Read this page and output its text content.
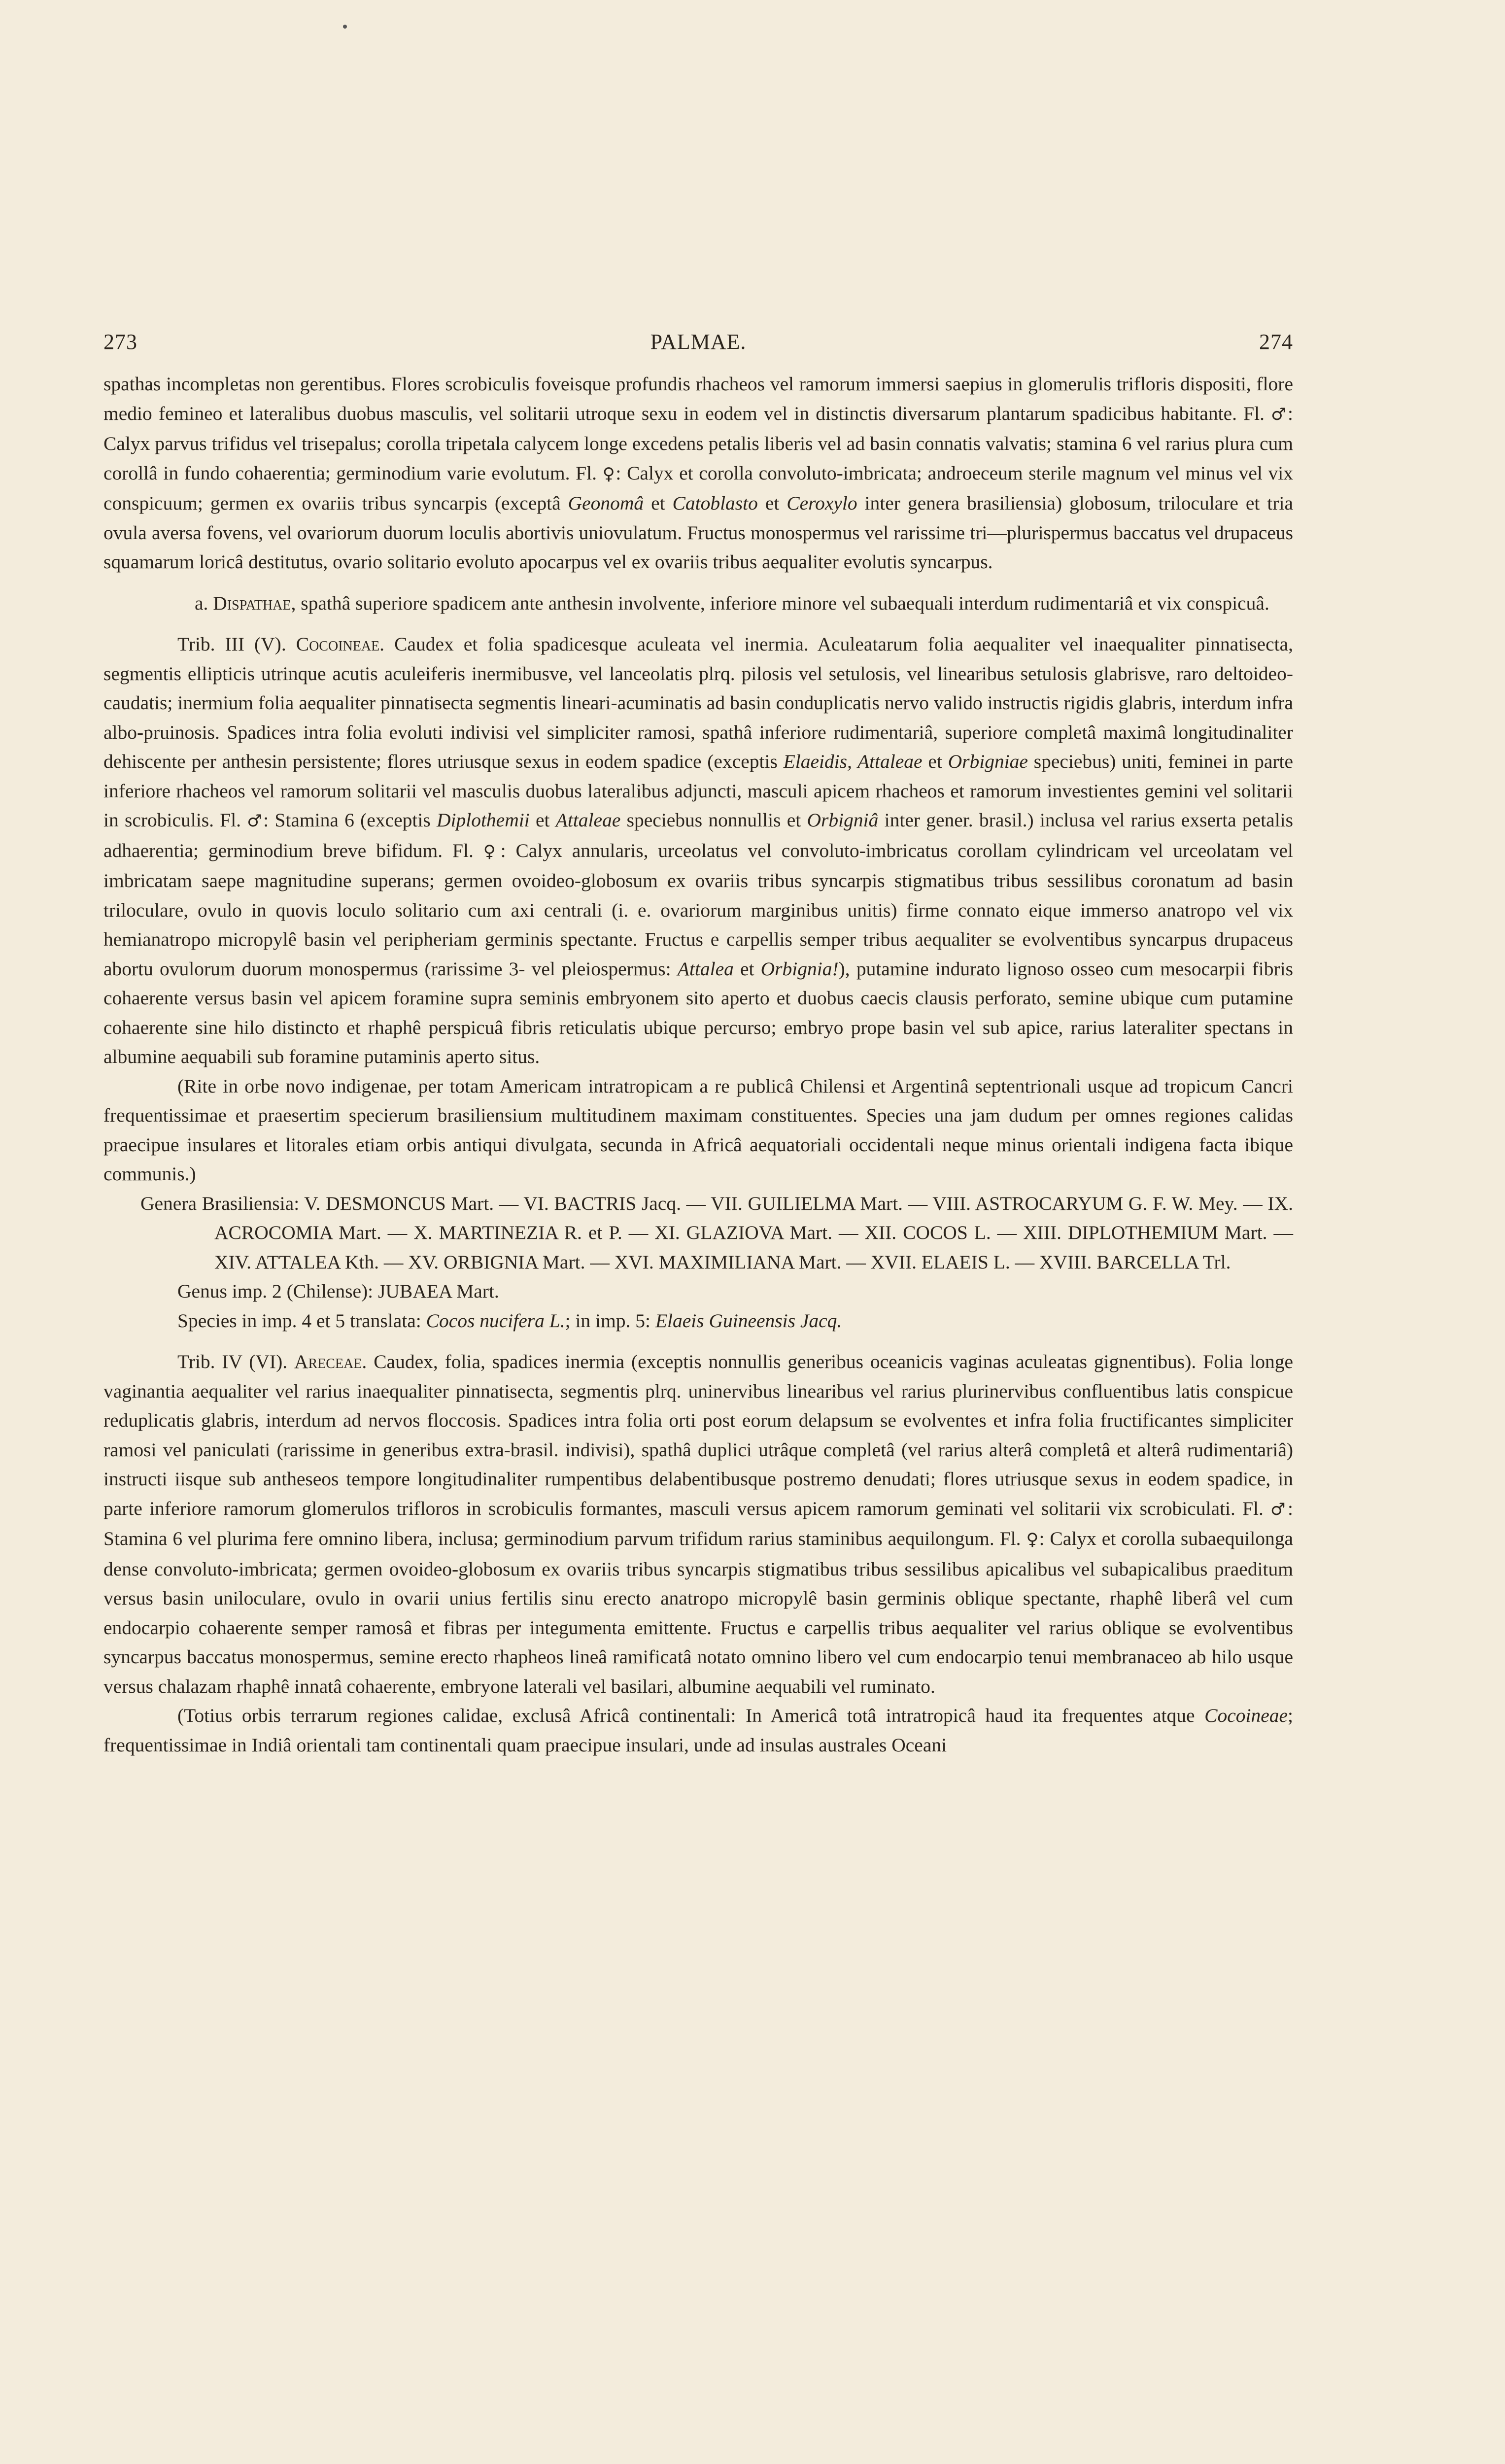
273	PALMAE.	274

spathas incompletas non gerentibus. Flores scrobiculis foveisque profundis rhacheos vel ramorum immersi saepius in glomerulis trifloris dispositi, flore medio femineo et lateralibus duobus masculis, vel solitarii utroque sexu in eodem vel in distinctis diversarum plantarum spadicibus habitante. Fl. ♂: Calyx parvus trifidus vel trisepalus; corolla tripetala calycem longe excedens petalis liberis vel ad basin connatis valvatis; stamina 6 vel rarius plura cum corollâ in fundo cohaerentia; germinodium varie evolutum. Fl. ♀: Calyx et corolla convoluto-imbricata; androeceum sterile magnum vel minus vel vix conspicuum; germen ex ovariis tribus syncarpis (exceptâ Geonomâ et Catoblasto et Ceroxylo inter genera brasiliensia) globosum, triloculare et tria ovula aversa fovens, vel ovariorum duorum loculis abortivis uniovulatum. Fructus monospermus vel rarissime tri—plurispermus baccatus vel drupaceus squamarum loricâ destitutus, ovario solitario evoluto apocarpus vel ex ovariis tribus aequaliter evolutis syncarpus.

a. Dispathae, spathâ superiore spadicem ante anthesin involvente, inferiore minore vel subaequali interdum rudimentariâ et vix conspicuâ.

Trib. III (V). Cocoineae. Caudex et folia spadicesque aculeata vel inermia. Aculeatarum folia aequaliter vel inaequaliter pinnatisecta, segmentis ellipticis utrinque acutis aculeiferis inermibusve, vel lanceolatis plrq. pilosis vel setulosis, vel linearibus setulosis glabrisve, raro deltoideo-caudatis; inermium folia aequaliter pinnatisecta segmentis lineari-acuminatis ad basin conduplicatis nervo valido instructis rigidis glabris, interdum infra albo-pruinosis. Spadices intra folia evoluti indivisi vel simpliciter ramosi, spathâ inferiore rudimentariâ, superiore completâ maximâ longitudinaliter dehiscente per anthesin persistente; flores utriusque sexus in eodem spadice (exceptis Elaeidis, Attaleae et Orbigniae speciebus) uniti, feminei in parte inferiore rhacheos vel ramorum solitarii vel masculis duobus lateralibus adjuncti, masculi apicem rhacheos et ramorum investientes gemini vel solitarii in scrobiculis. Fl. ♂: Stamina 6 (exceptis Diplothemii et Attaleae speciebus nonnullis et Orbigniâ inter gener. brasil.) inclusa vel rarius exserta petalis adhaerentia; germinodium breve bifidum. Fl. ♀: Calyx annularis, urceolatus vel convoluto-imbricatus corollam cylindricam vel urceolatam vel imbricatam saepe magnitudine superans; germen ovoideo-globosum ex ovariis tribus syncarpis stigmatibus tribus sessilibus coronatum ad basin triloculare, ovulo in quovis loculo solitario cum axi centrali (i. e. ovariorum marginibus unitis) firme connato eique immerso anatropo vel vix hemianatropo micropylê basin vel peripheriam germinis spectante. Fructus e carpellis semper tribus aequaliter se evolventibus syncarpus drupaceus abortu ovulorum duorum monospermus (rarissime 3- vel pleiospermus: Attalea et Orbignia!), putamine indurato lignoso osseo cum mesocarpii fibris cohaerente versus basin vel apicem foramine supra seminis embryonem sito aperto et duobus caecis clausis perforato, semine ubique cum putamine cohaerente sine hilo distincto et rhaphê perspicuâ fibris reticulatis ubique percurso; embryo prope basin vel sub apice, rarius lateraliter spectans in albumine aequabili sub foramine putaminis aperto situs.

(Rite in orbe novo indigenae, per totam Americam intratropicam a re publicâ Chilensi et Argentinâ septentrionali usque ad tropicum Cancri frequentissimae et praesertim specierum brasiliensium multitudinem maximam constituentes. Species una jam dudum per omnes regiones calidas praecipue insulares et litorales etiam orbis antiqui divulgata, secunda in Africâ aequatoriali occidentali neque minus orientali indigena facta ibique communis.)

Genera Brasiliensia: V. DESMONCUS Mart. — VI. BACTRIS Jacq. — VII. GUILIELMA Mart. — VIII. ASTROCARYUM G. F. W. Mey. — IX. ACROCOMIA Mart. — X. MARTINEZIA R. et P. — XI. GLAZIOVA Mart. — XII. COCOS L. — XIII. DIPLOTHEMIUM Mart. — XIV. ATTALEA Kth. — XV. ORBIGNIA Mart. — XVI. MAXIMILIANA Mart. — XVII. ELAEIS L. — XVIII. BARCELLA Trl.

Genus imp. 2 (Chilense): JUBAEA Mart.

Species in imp. 4 et 5 translata: Cocos nucifera L.; in imp. 5: Elaeis Guineensis Jacq.

Trib. IV (VI). Areceae. Caudex, folia, spadices inermia (exceptis nonnullis generibus oceanicis vaginas aculeatas gignentibus). Folia longe vaginantia aequaliter vel rarius inaequaliter pinnatisecta, segmentis plrq. uninervibus linearibus vel rarius plurinervibus confluentibus latis conspicue reduplicatis glabris, interdum ad nervos floccosis. Spadices intra folia orti post eorum delapsum se evolventes et infra folia fructificantes simpliciter ramosi vel paniculati (rarissime in generibus extra-brasil. indivisi), spathâ duplici utrâque completâ (vel rarius alterâ completâ et alterâ rudimentariâ) instructi iisque sub antheseos tempore longitudinaliter rumpentibus delabentibusque postremo denudati; flores utriusque sexus in eodem spadice, in parte inferiore ramorum glomerulos trifloros in scrobiculis formantes, masculi versus apicem ramorum geminati vel solitarii vix scrobiculati. Fl. ♂: Stamina 6 vel plurima fere omnino libera, inclusa; germinodium parvum trifidum rarius staminibus aequilongum. Fl. ♀: Calyx et corolla subaequilonga dense convoluto-imbricata; germen ovoideo-globosum ex ovariis tribus syncarpis stigmatibus tribus sessilibus apicalibus vel subapicalibus praeditum versus basin uniloculare, ovulo in ovarii unius fertilis sinu erecto anatropo micropylê basin germinis oblique spectante, rhaphê liberâ vel cum endocarpio cohaerente semper ramosâ et fibras per integumenta emittente. Fructus e carpellis tribus aequaliter vel rarius oblique se evolventibus syncarpus baccatus monospermus, semine erecto rhapheos lineâ ramificatâ notato omnino libero vel cum endocarpio tenui membranaceo ab hilo usque versus chalazam rhaphê innatâ cohaerente, embryone laterali vel basilari, albumine aequabili vel ruminato.

(Totius orbis terrarum regiones calidae, exclusâ Africâ continentali: In Americâ totâ intratropicâ haud ita frequentes atque Cocoineae; frequentissimae in Indiâ orientali tam continentali quam praecipue insulari, unde ad insulas australes Oceani
